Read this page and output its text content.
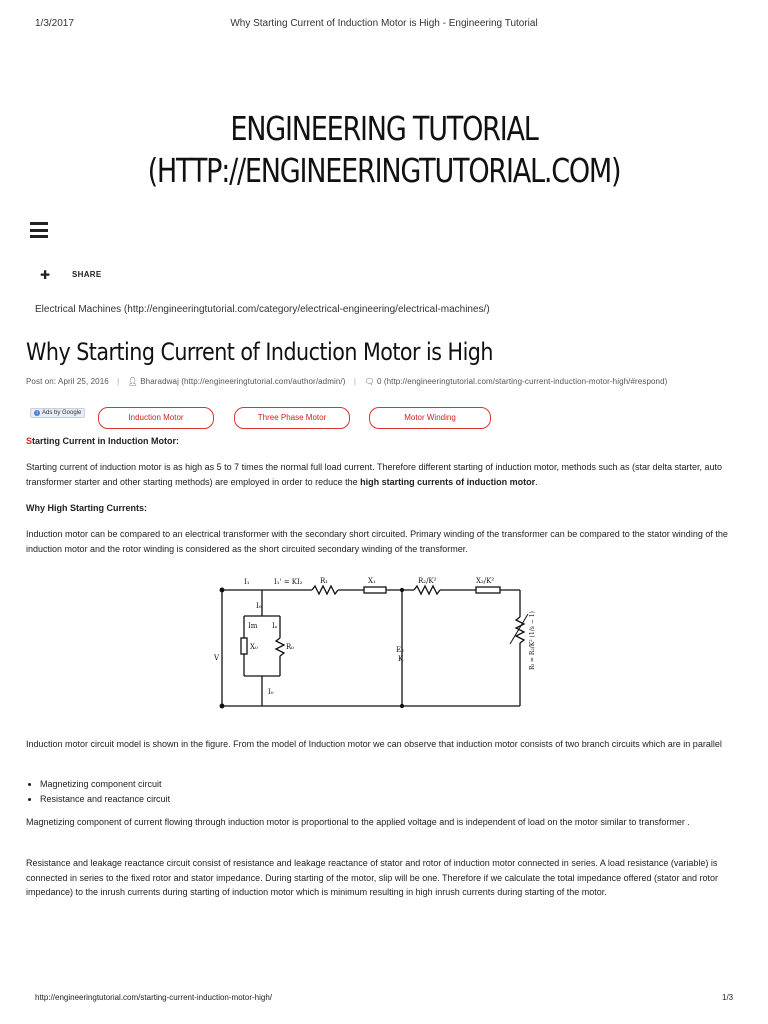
1/3/2017	Why Starting Current of Induction Motor is High - Engineering Tutorial
ENGINEERING TUTORIAL
(HTTP://ENGINEERINGTUTORIAL.COM)
✚	SHARE
Electrical Machines (http://engineeringtutorial.com/category/electrical-engineering/electrical-machines/)
Why Starting Current of Induction Motor is High
Post on: April 25, 2016 | 👤︎ Bharadwaj (http://engineeringtutorial.com/author/admin/) | 🗨︎ 0 (http://engineeringtutorial.com/starting-current-induction-motor-high/#respond)
i Ads by Google	Induction Motor	Three Phase Motor	Motor Winding
Starting Current in Induction Motor:
Starting current of induction motor is as high as 5 to 7 times the normal full load current. Therefore different starting of induction motor, methods such as (star delta starter, auto transformer starter and other starting methods) are employed in order to reduce the high starting currents of induction motor.
Why High Starting Currents:
Induction motor can be compared to an electrical transformer with the secondary short circuited. Primary winding of the transformer can be compared to the stator winding of the induction motor and the rotor winding is considered as the short circuited secondary winding of the transformer.
I₁	I₁' = KI₂ R₁	X₁	R₂/K²	X₂/K²
I₀
Im Iₒ
X₀	R₀
V
E₂
K
I₀
Rₗ = R₂/K² (1/s − 1)
Induction motor circuit model is shown in the figure. From the model of Induction motor we can observe that induction motor consists of two branch circuits which are in parallel
• Magnetizing component circuit
• Resistance and reactance circuit
Magnetizing component of current flowing through induction motor is proportional to the applied voltage and is independent of load on the motor similar to transformer .
Resistance and leakage reactance circuit consist of resistance and leakage reactance of stator and rotor of induction motor connected in series. A load resistance (variable) is connected in series to the fixed rotor and stator impedance. During starting of the motor, slip will be one. Therefore if we calculate the total impedance offered (stator and rotor impedance) to the inrush currents during starting of induction motor which is minimum resulting in high inrush currents during starting of the motor.
http://engineeringtutorial.com/starting-current-induction-motor-high/	1/3
